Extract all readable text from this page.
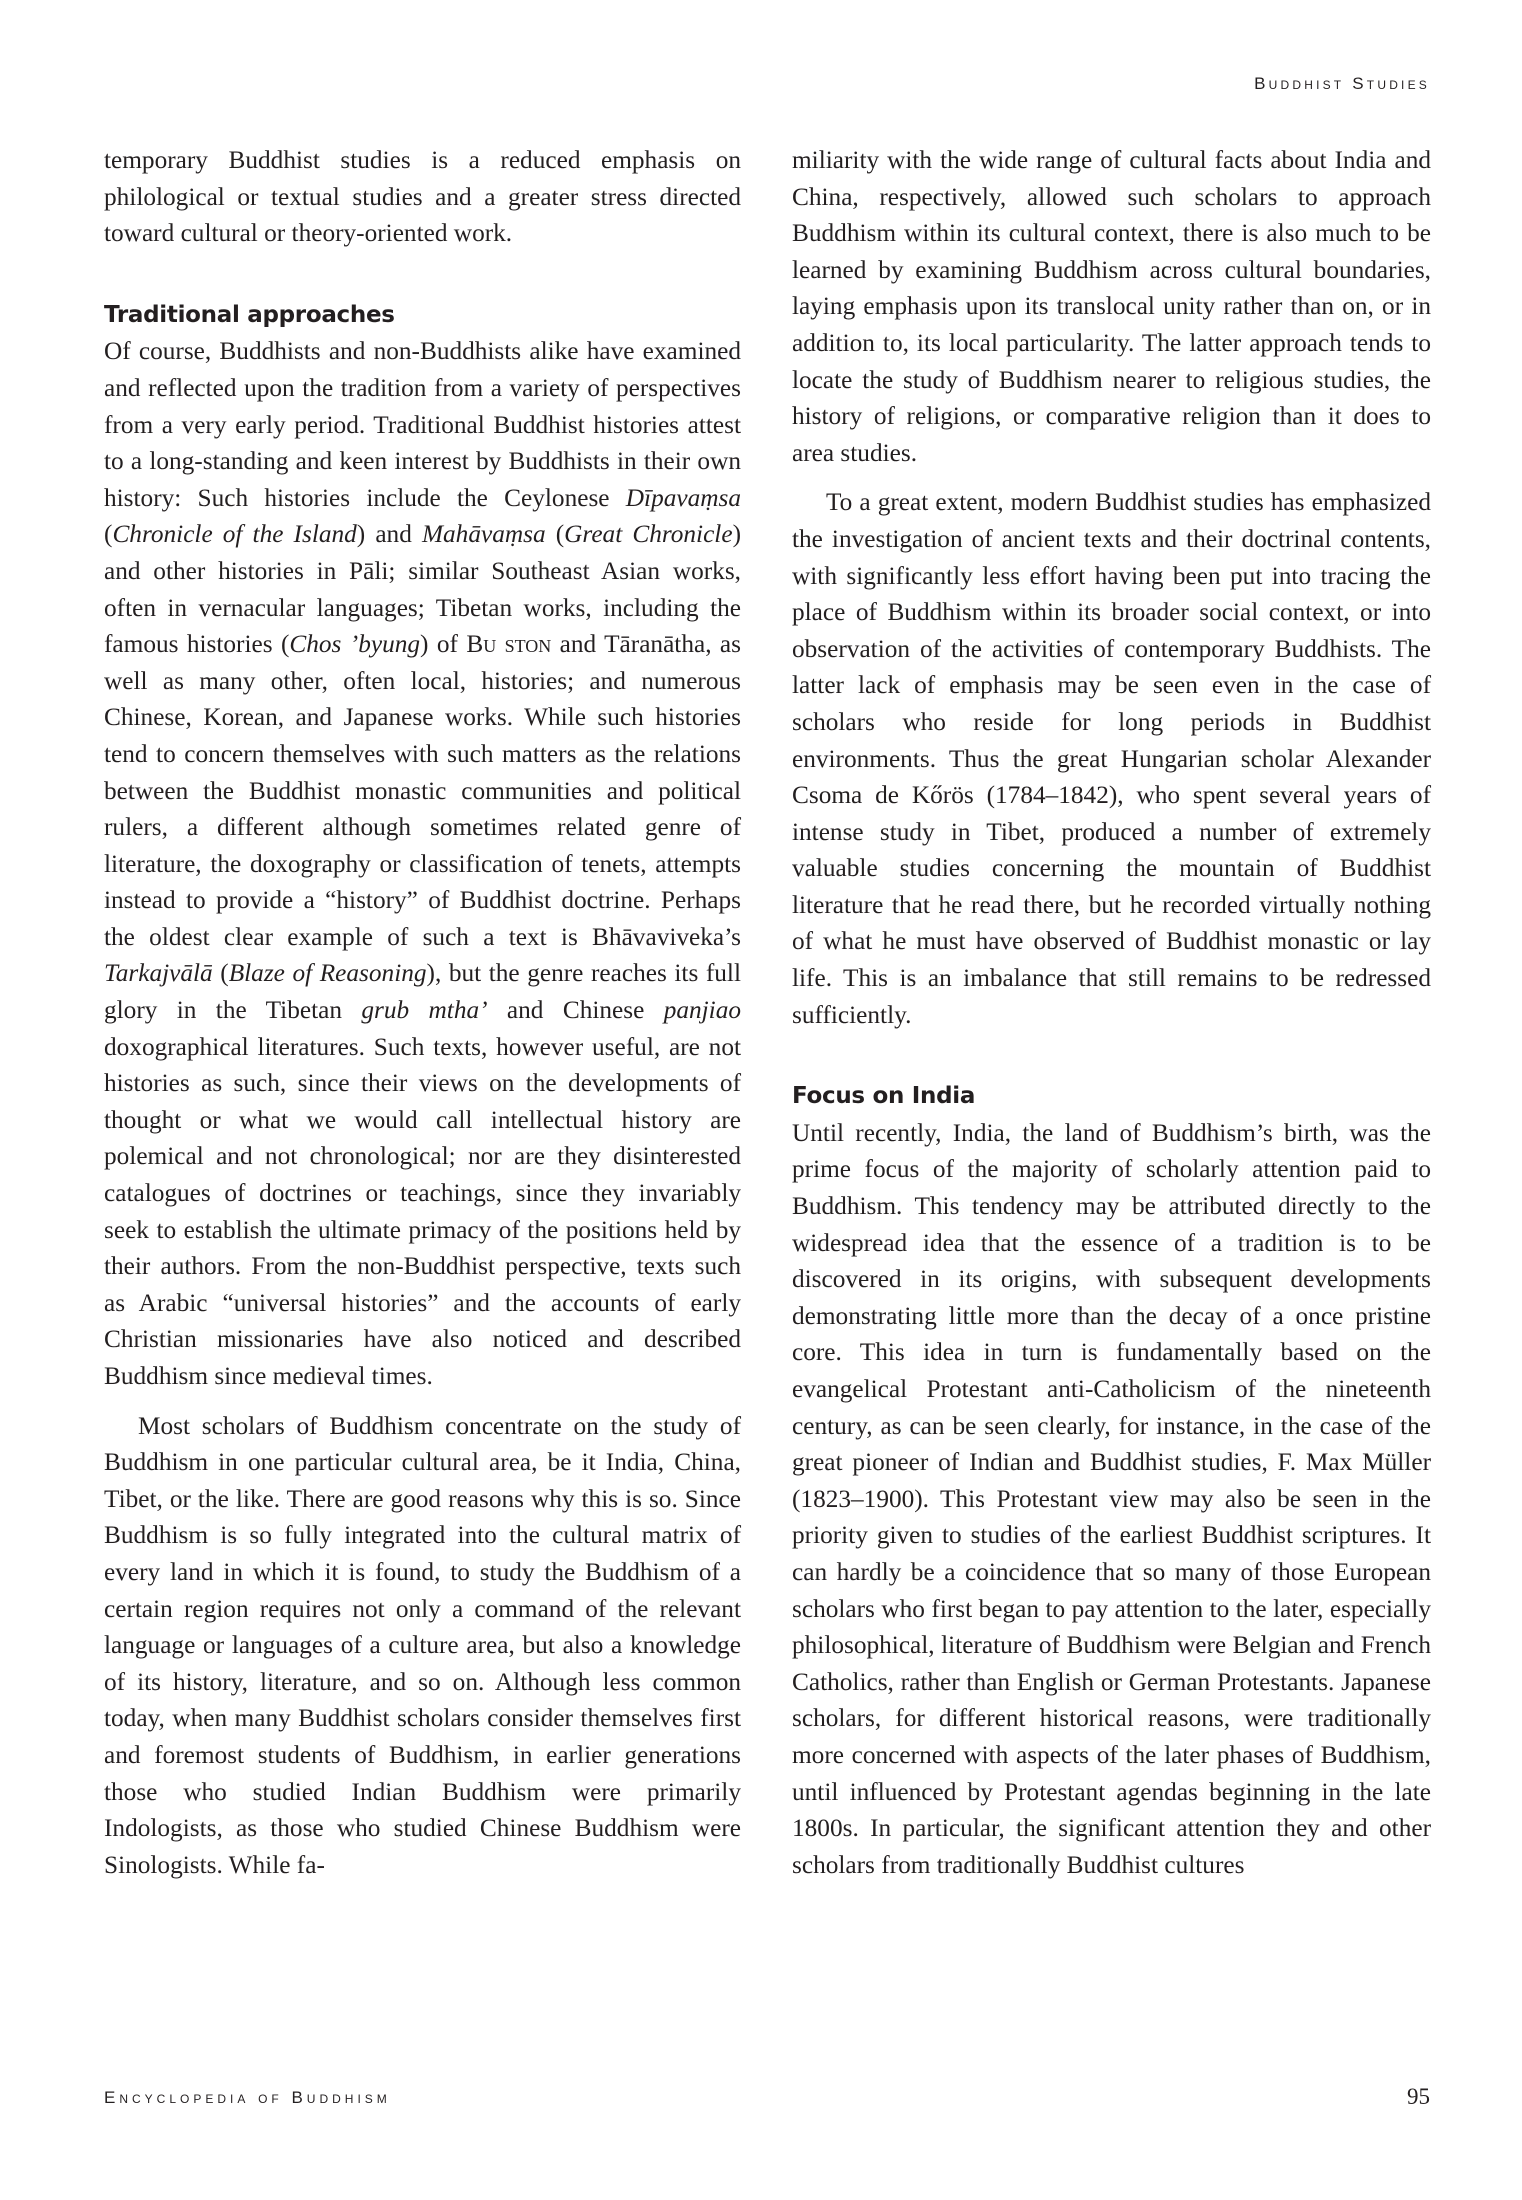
Buddhist Studies

temporary Buddhist studies is a reduced emphasis on philological or textual studies and a greater stress directed toward cultural or theory-oriented work.

Traditional approaches

Of course, Buddhists and non-Buddhists alike have examined and reflected upon the tradition from a variety of perspectives from a very early period. Traditional Buddhist histories attest to a long-standing and keen interest by Buddhists in their own history: Such histories include the Ceylonese Dīpavaṃsa (Chronicle of the Island) and Mahāvaṃsa (Great Chronicle) and other histories in Pāli; similar Southeast Asian works, often in vernacular languages; Tibetan works, including the famous histories (Chos ’byung) of Bu ston and Tāranātha, as well as many other, often local, histories; and numerous Chinese, Korean, and Japanese works. While such histories tend to concern themselves with such matters as the relations between the Buddhist monastic communities and political rulers, a different although sometimes related genre of literature, the doxography or classification of tenets, attempts instead to provide a “history” of Buddhist doctrine. Perhaps the oldest clear example of such a text is Bhāvaviveka’s Tarkajvālā (Blaze of Reasoning), but the genre reaches its full glory in the Tibetan grub mtha’ and Chinese panjiao doxographical literatures. Such texts, however useful, are not histories as such, since their views on the developments of thought or what we would call intellectual history are polemical and not chronological; nor are they disinterested catalogues of doctrines or teachings, since they invariably seek to establish the ultimate primacy of the positions held by their authors. From the non-Buddhist perspective, texts such as Arabic “universal histories” and the accounts of early Christian missionaries have also noticed and described Buddhism since medieval times.

Most scholars of Buddhism concentrate on the study of Buddhism in one particular cultural area, be it India, China, Tibet, or the like. There are good reasons why this is so. Since Buddhism is so fully integrated into the cultural matrix of every land in which it is found, to study the Buddhism of a certain region requires not only a command of the relevant language or languages of a culture area, but also a knowledge of its history, literature, and so on. Although less common today, when many Buddhist scholars consider themselves first and foremost students of Buddhism, in earlier generations those who studied Indian Buddhism were primarily Indologists, as those who studied Chinese Buddhism were Sinologists. While fa-

miliarity with the wide range of cultural facts about India and China, respectively, allowed such scholars to approach Buddhism within its cultural context, there is also much to be learned by examining Buddhism across cultural boundaries, laying emphasis upon its translocal unity rather than on, or in addition to, its local particularity. The latter approach tends to locate the study of Buddhism nearer to religious studies, the history of religions, or comparative religion than it does to area studies.

To a great extent, modern Buddhist studies has emphasized the investigation of ancient texts and their doctrinal contents, with significantly less effort having been put into tracing the place of Buddhism within its broader social context, or into observation of the activities of contemporary Buddhists. The latter lack of emphasis may be seen even in the case of scholars who reside for long periods in Buddhist environments. Thus the great Hungarian scholar Alexander Csoma de Kőrös (1784–1842), who spent several years of intense study in Tibet, produced a number of extremely valuable studies concerning the mountain of Buddhist literature that he read there, but he recorded virtually nothing of what he must have observed of Buddhist monastic or lay life. This is an imbalance that still remains to be redressed sufficiently.

Focus on India

Until recently, India, the land of Buddhism’s birth, was the prime focus of the majority of scholarly attention paid to Buddhism. This tendency may be attributed directly to the widespread idea that the essence of a tradition is to be discovered in its origins, with subsequent developments demonstrating little more than the decay of a once pristine core. This idea in turn is fundamentally based on the evangelical Protestant anti-Catholicism of the nineteenth century, as can be seen clearly, for instance, in the case of the great pioneer of Indian and Buddhist studies, F. Max Müller (1823–1900). This Protestant view may also be seen in the priority given to studies of the earliest Buddhist scriptures. It can hardly be a coincidence that so many of those European scholars who first began to pay attention to the later, especially philosophical, literature of Buddhism were Belgian and French Catholics, rather than English or German Protestants. Japanese scholars, for different historical reasons, were traditionally more concerned with aspects of the later phases of Buddhism, until influenced by Protestant agendas beginning in the late 1800s. In particular, the significant attention they and other scholars from traditionally Buddhist cultures

Encyclopedia of Buddhism	95
